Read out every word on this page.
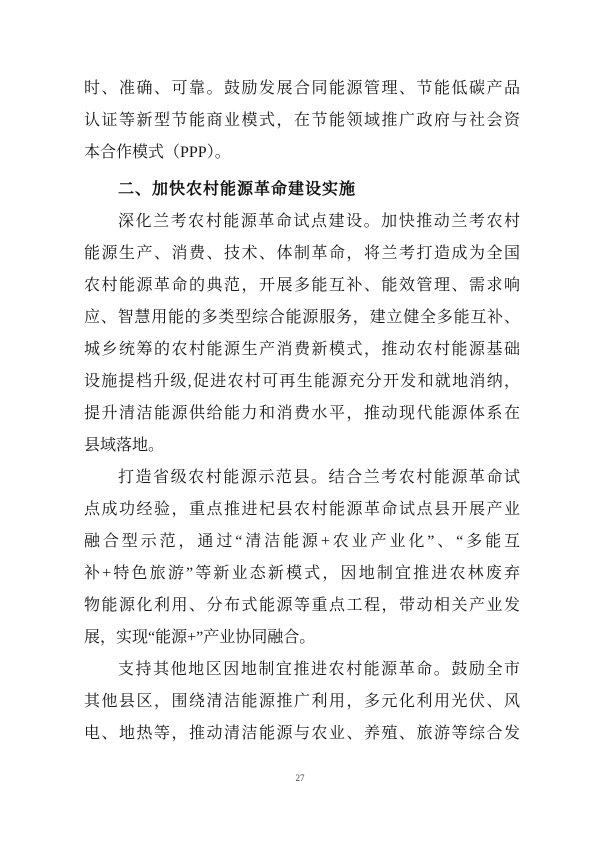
时、准确、可靠。鼓励发展合同能源管理、节能低碳产品
认证等新型节能商业模式，在节能领域推广政府与社会资
本合作模式（PPP）。
二、加快农村能源革命建设实施
深化兰考农村能源革命试点建设。加快推动兰考农村
能源生产、消费、技术、体制革命，将兰考打造成为全国
农村能源革命的典范，开展多能互补、能效管理、需求响
应、智慧用能的多类型综合能源服务，建立健全多能互补、
城乡统筹的农村能源生产消费新模式，推动农村能源基础
设施提档升级,促进农村可再生能源充分开发和就地消纳，
提升清洁能源供给能力和消费水平，推动现代能源体系在
县域落地。
打造省级农村能源示范县。结合兰考农村能源革命试
点成功经验，重点推进杞县农村能源革命试点县开展产业
融合型示范，通过“清洁能源+农业产业化”、“多能互
补+特色旅游”等新业态新模式，因地制宜推进农林废弃
物能源化利用、分布式能源等重点工程，带动相关产业发
展，实现“能源+”产业协同融合。
支持其他地区因地制宜推进农村能源革命。鼓励全市
其他县区，围绕清洁能源推广利用，多元化利用光伏、风
电、地热等，推动清洁能源与农业、养殖、旅游等综合发
27
